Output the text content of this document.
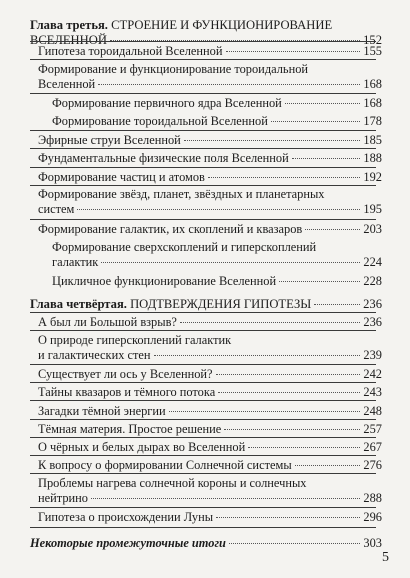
Глава третья. СТРОЕНИЕ И ФУНКЦИОНИРОВАНИЕ
ВСЕЛЕННОЙ	152
Гипотеза тороидальной Вселенной	155
Формирование и функционирование тороидальной
Вселенной	168
Формирование первичного ядра Вселенной	168
Формирование тороидальной Вселенной	178
Эфирные струи Вселенной	185
Фундаментальные физические поля Вселенной	188
Формирование частиц и атомов	192
Формирование звёзд, планет, звёздных и планетарных
систем	195
Формирование галактик, их скоплений и квазаров	203
Формирование сверхскоплений и гиперскоплений
галактик	224
Цикличное функционирование Вселенной	228
Глава четвёртая. ПОДТВЕРЖДЕНИЯ ГИПОТЕЗЫ	236
А был ли Большой взрыв?	236
О природе гиперскоплений галактик
и галактических стен	239
Существует ли ось у Вселенной?	242
Тайны квазаров и тёмного потока	243
Загадки тёмной энергии	248
Тёмная материя. Простое решение	257
О чёрных и белых дырах во Вселенной	267
К вопросу о формировании Солнечной системы	276
Проблемы нагрева солнечной короны и солнечных
нейтрино	288
Гипотеза о происхождении Луны	296
Некоторые промежуточные итоги	303
5
